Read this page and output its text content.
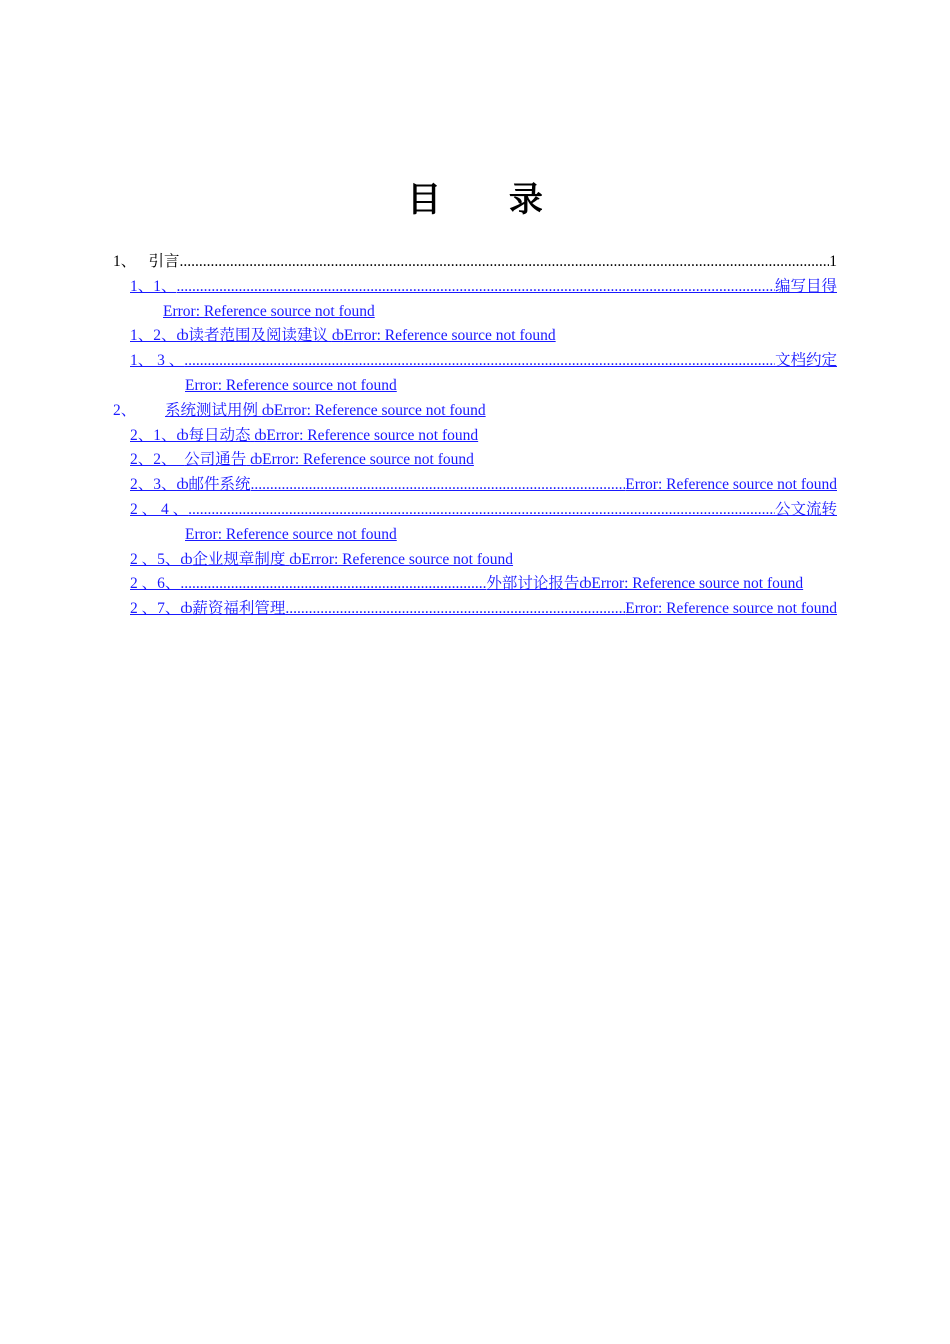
目 录
1、 引言 .....	1
1、1、 .....	编写目得
Error: Reference source not found
1、2、ȸ读者范围及阅读建议 ȸError: Reference source not found
1、 3 、 .....	文档约定
Error: Reference source not found
2、 系统测试用例 ȸError: Reference source not found
2、1、ȸ每日动态 ȸError: Reference source not found
2、2、 公司通告 ȸError: Reference source not found
2、3、 ȸ 邮件系统 .....	Error: Reference source not found
2 、 4 、 .....	公文流转
Error: Reference source not found
2 、5、ȸ企业规章制度 ȸError: Reference source not found
2 、6、 .....	外部讨论报告 ȸ Error: Reference source not found
2 、7、 ȸ 薪资福利管理 .....	Error: Reference source not found
